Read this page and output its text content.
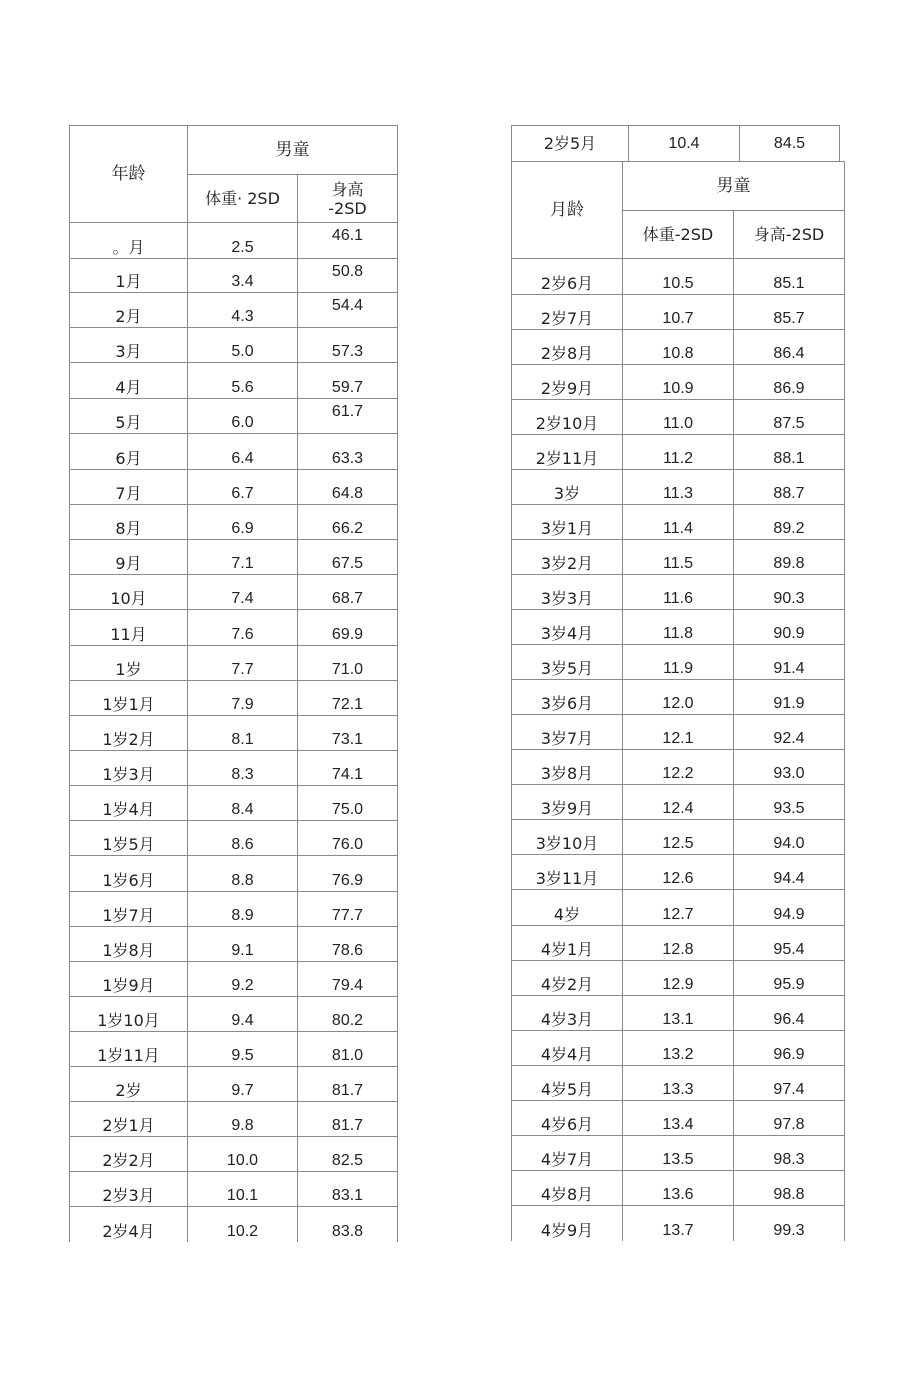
年龄	男童	
	体重· 2SD	身高
-2SD
。月	2.5	46.1
1月	3.4	50.8
2月	4.3	54.4
3月	5.0	57.3
4月	5.6	59.7
5月	6.0	61.7
6月	6.4	63.3
7月	6.7	64.8
8月	6.9	66.2
9月	7.1	67.5
10月	7.4	68.7
11月	7.6	69.9
1岁	7.7	71.0
1岁1月	7.9	72.1
1岁2月	8.1	73.1
1岁3月	8.3	74.1
1岁4月	8.4	75.0
1岁5月	8.6	76.0
1岁6月	8.8	76.9
1岁7月	8.9	77.7
1岁8月	9.1	78.6
1岁9月	9.2	79.4
1岁10月	9.4	80.2
1岁11月	9.5	81.0
2岁	9.7	81.7
2岁1月	9.8	81.7
2岁2月	10.0	82.5
2岁3月	10.1	83.1
2岁4月	10.2	83.8
2岁5月	10.4	84.5
月龄	男童	
	体重-2SD	身高-2SD
2岁6月	10.5	85.1
2岁7月	10.7	85.7
2岁8月	10.8	86.4
2岁9月	10.9	86.9
2岁10月	11.0	87.5
2岁11月	11.2	88.1
3岁	11.3	88.7
3岁1月	11.4	89.2
3岁2月	11.5	89.8
3岁3月	11.6	90.3
3岁4月	11.8	90.9
3岁5月	11.9	91.4
3岁6月	12.0	91.9
3岁7月	12.1	92.4
3岁8月	12.2	93.0
3岁9月	12.4	93.5
3岁10月	12.5	94.0
3岁11月	12.6	94.4
4岁	12.7	94.9
4岁1月	12.8	95.4
4岁2月	12.9	95.9
4岁3月	13.1	96.4
4岁4月	13.2	96.9
4岁5月	13.3	97.4
4岁6月	13.4	97.8
4岁7月	13.5	98.3
4岁8月	13.6	98.8
4岁9月	13.7	99.3
